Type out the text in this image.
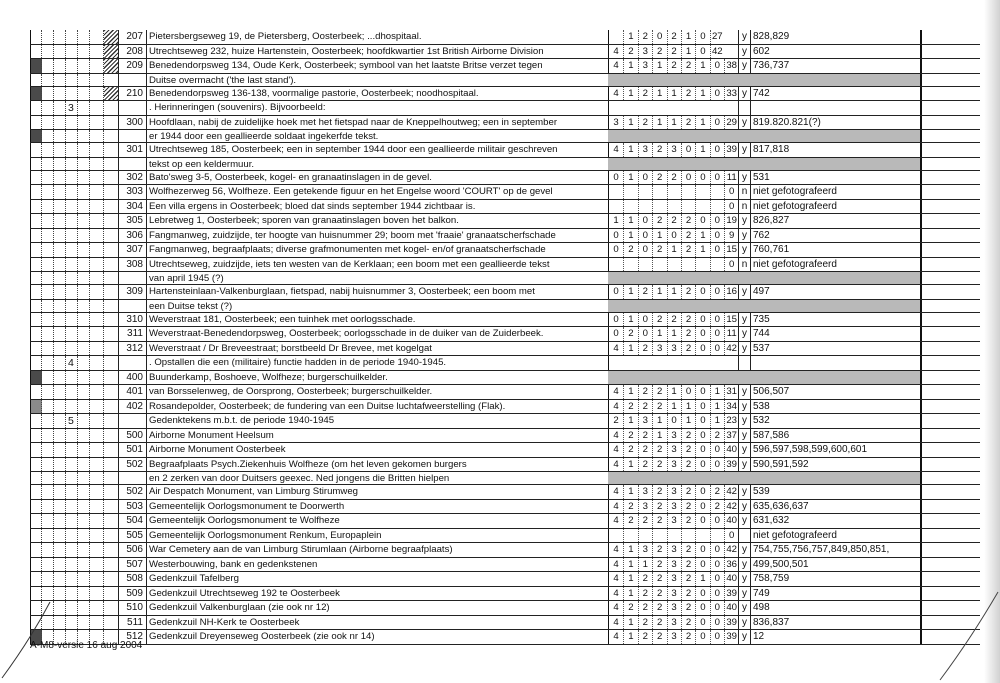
207 Pietersbergseweg 19, de Pietersberg, Oosterbeek; ...dhospitaal.	1 2 0 2 1 0 27	y 828,829
208 Utrechtseweg 232, huize Hartenstein, Oosterbeek; hoofdkwartier 1st British Airborne Division	4 2 3 2 2 1 0 42	y 602
209 Benedendorpsweg 134, Oude Kerk, Oosterbeek; symbool van het laatste Britse verzet tegen	4 1 3 1 2 2 1 0 38 y 736,737
Duitse overmacht ('the last stand').
210 Benedendorpsweg 136-138, voormalige pastorie, Oosterbeek; noodhospitaal.	4 1 2 1 1 2 1 0 33 y 742
3	. Herinneringen (souvenirs). Bijvoorbeeld:
300 Hoofdlaan, nabij de zuidelijke hoek met het fietspad naar de Kneppelhoutweg; een in september	3 1 2 1 1 2 1 0 29 y 819.820.821(?)
er 1944 door een geallieerde soldaat ingekerfde tekst.
301 Utrechtseweg 185, Oosterbeek; een in september 1944 door een geallieerde militair geschreven	4 1 3 2 3 0 1 0 39 y 817,818
tekst op een keldermuur.
302 Bato'sweg 3-5, Oosterbeek, kogel- en granaatinslagen in de gevel.	0 1 0 2 2 0 0 0 11 y 531
303 Wolfhezerweg 56, Wolfheze. Een getekende figuur en het Engelse woord 'COURT' op de gevel	0 n niet gefotografeerd
304 Een villa ergens in Oosterbeek; bloed dat sinds september 1944 zichtbaar is.	0 n niet gefotografeerd
305 Lebretweg 1, Oosterbeek; sporen van granaatinslagen boven het balkon.	1 1 0 2 2 2 0 0 19 y 826,827
306 Fangmanweg, zuidzijde, ter hoogte van huisnummer 29; boom met 'fraaie' granaatscherfschade	0 1 0 1 0 2 1 0 9 y 762
307 Fangmanweg, begraafplaats; diverse grafmonumenten met kogel- en/of granaatscherfschade	0 2 0 2 1 2 1 0 15 y 760,761
308 Utrechtseweg, zuidzijde, iets ten westen van de Kerklaan; een boom met een geallieerde tekst	0 n niet gefotografeerd
van april 1945 (?)
309 Hartensteinlaan-Valkenburglaan, fietspad, nabij huisnummer 3, Oosterbeek; een boom met	0 1 2 1 1 2 0 0 16 y 497
een Duitse tekst (?)
310 Weverstraat 181, Oosterbeek; een tuinhek met oorlogsschade.	0 1 0 2 2 2 0 0 15 y 735
311 Weverstraat-Benedendorpsweg, Oosterbeek; oorlogsschade in de duiker van de Zuiderbeek.	0 2 0 1 1 2 0 0 11 y 744
312 Weverstraat / Dr Breveestraat; borstbeeld Dr Brevee, met kogelgat	4 1 2 3 3 2 0 0 42 y 537
4	. Opstallen die een (militaire) functie hadden in de periode 1940-1945.
400 Buunderkamp, Boshoeve, Wolfheze; burgerschuilkelder.
401 van Borsselenweg, de Oorsprong, Oosterbeek; burgerschuilkelder.	4 1 2 2 1 0 0 1 31 y 506,507
402 Rosandepolder, Oosterbeek; de fundering van een Duitse luchtafweerstelling (Flak).	4 2 2 2 1 1 0 1 34 y 538
5	Gedenktekens m.b.t. de periode 1940-1945	2 1 3 1 0 1 0 1 23 y 532
500 Airborne Monument Heelsum	4 2 2 1 3 2 0 2 37 y 587,586
501 Airborne Monument Oosterbeek	4 2 2 2 3 2 0 0 40 y 596,597,598,599,600,601
502 Begraafplaats Psych.Ziekenhuis Wolfheze (om het leven gekomen burgers	4 1 2 2 3 2 0 0 39 y 590,591,592
en 2 zerken van door Duitsers geexec. Ned jongens die Britten hielpen
502 Air Despatch Monument, van Limburg Stirumweg	4 1 3 2 3 2 0 2 42 y 539
503 Gemeentelijk Oorlogsmonument te Doorwerth	4 2 3 2 3 2 0 2 42 y 635,636,637
504 Gemeentelijk Oorlogsmonument te Wolfheze	4 2 2 2 3 2 0 0 40 y 631,632
505 Gemeentelijk Oorlogsmonument Renkum, Europaplein	0	niet gefotografeerd
506 War Cemetery aan de van Limburg Stirumlaan (Airborne begraafplaats)	4 1 3 2 3 2 0 0 42 y 754,755,756,757,849,850,851,
507 Westerbouwing, bank en gedenkstenen	4 1 1 2 3 2 0 0 36 y 499,500,501
508 Gedenkzuil Tafelberg	4 1 2 2 3 2 1 0 40 y 758,759
509 Gedenkzuil Utrechtseweg 192 te Oosterbeek	4 1 2 2 3 2 0 0 39 y 749
510 Gedenkzuil Valkenburglaan (zie ook nr 12)	4 2 2 2 3 2 0 0 40 y 498
511 Gedenkzuil NH-Kerk te Oosterbeek	4 1 2 2 3 2 0 0 39 y 836,837
512 Gedenkzuil Dreyenseweg Oosterbeek (zie ook nr 14)	4 1 2 2 3 2 0 0 39 y 12
A-M8-versie 16 aug 2004
